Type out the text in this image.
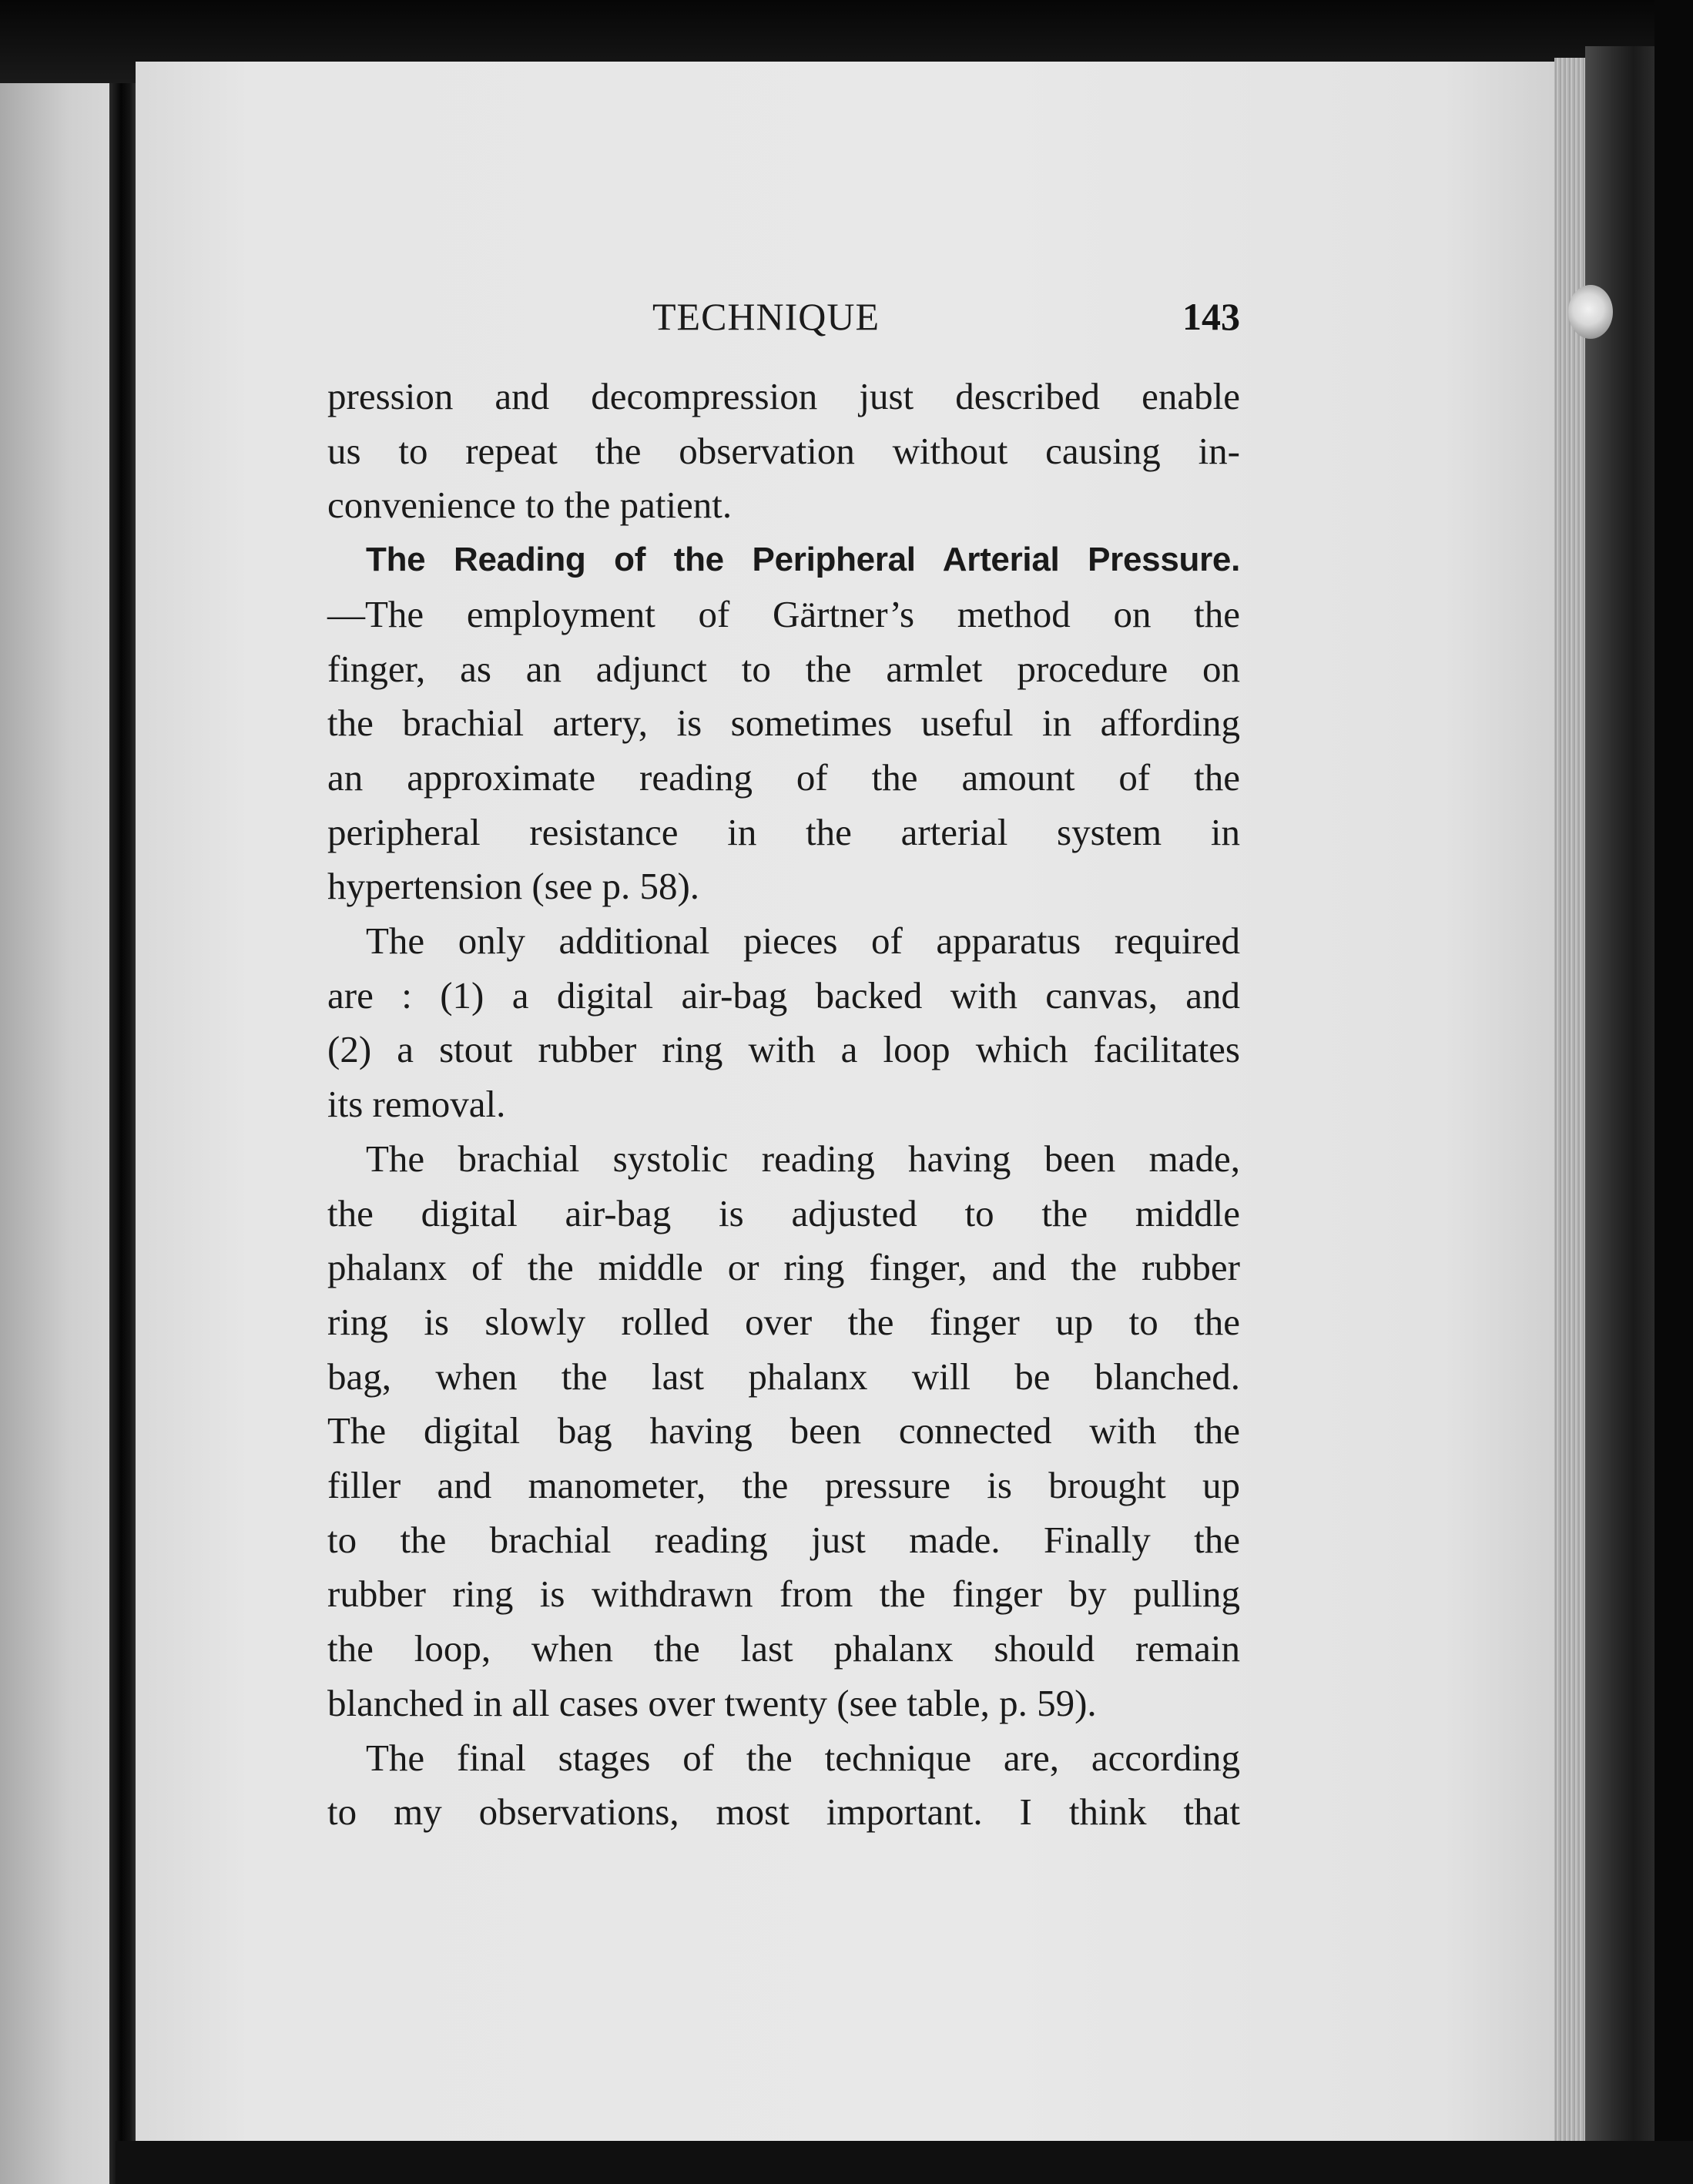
TECHNIQUE	143

pression and decompression just described enable
us to repeat the observation without causing in-
convenience to the patient.

The Reading of the Peripheral Arterial Pressure.
—The employment of Gärtner’s method on the
finger, as an adjunct to the armlet procedure on
the brachial artery, is sometimes useful in affording
an approximate reading of the amount of the
peripheral resistance in the arterial system in
hypertension (see p. 58).

The only additional pieces of apparatus required
are : (1) a digital air-bag backed with canvas, and
(2) a stout rubber ring with a loop which facilitates
its removal.

The brachial systolic reading having been made,
the digital air-bag is adjusted to the middle
phalanx of the middle or ring finger, and the rubber
ring is slowly rolled over the finger up to the
bag, when the last phalanx will be blanched.
The digital bag having been connected with the
filler and manometer, the pressure is brought up
to the brachial reading just made. Finally the
rubber ring is withdrawn from the finger by pulling
the loop, when the last phalanx should remain
blanched in all cases over twenty (see table, p. 59).

The final stages of the technique are, according
to my observations, most important. I think that
